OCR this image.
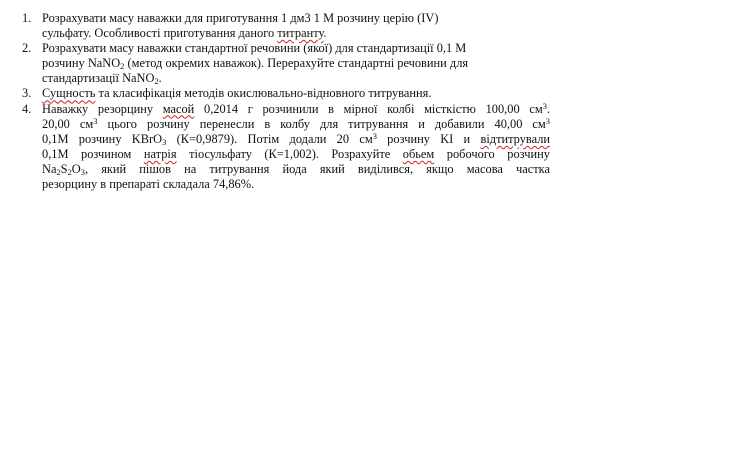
1. Розрахувати масу наважки для приготування 1 дм3 1 М розчину церію (IV)
сульфату. Особливості приготування даного титранту.
2. Розрахувати масу наважки стандартної речовини (якої) для стандартизації 0,1 М
розчину NaNO$_2$ (метод окремих наважок). Перерахуйте стандартні речовини для
стандартизації NaNO$_2$.
3. Сущность та класифікація методів окислювально-відновного титрування.
4. Наважку резорцину масой 0,2014 г розчинили в мірної колбі місткістю 100,00 $см^3$.
20,00 $см^3$ цього розчину перенесли в колбу для титрування и добавили 40,00 $см^3$
0,1М розчину KBrO$_3$ (К=0,9879). Потім додали 20 $см^3$ розчину KI и відтитрували
0,1М розчином натрія тіосульфату (К=1,002). Розрахуйте обьем робочого розчину
$Na_2S_2O_3$, який пішов на титрування йода який виділився, якщо масова частка
резорцину в препараті складала 74,86%.
